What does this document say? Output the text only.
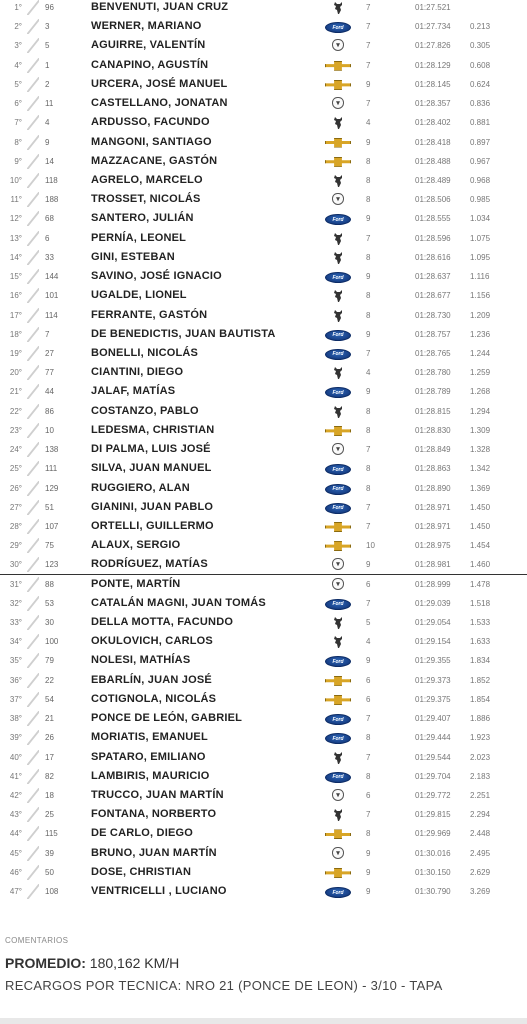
1°	96	BENVENUTI, JUAN CRUZ	7	01:27.521
2°	3	WERNER, MARIANO	Ford	7	01:27.734 0.213
3°	5	AGUIRRE, VALENTÍN	▾	7	01:27.826 0.305
4°	1	CANAPINO, AGUSTÍN	7	01:28.129 0.608
5°	2	URCERA, JOSÉ MANUEL	9	01:28.145 0.624
6°	11	CASTELLANO, JONATAN	▾	7	01:28.357 0.836
7°	4	ARDUSSO, FACUNDO	4	01:28.402 0.881
8°	9	MANGONI, SANTIAGO	9	01:28.418 0.897
9°	14	MAZZACANE, GASTÓN	8	01:28.488 0.967
10°	118	AGRELO, MARCELO	8	01:28.489 0.968
11°	188	TROSSET, NICOLÁS	▾	8	01:28.506 0.985
12°	68	SANTERO, JULIÁN	Ford	9	01:28.555 1.034
13°	6	PERNÍA, LEONEL	7	01:28.596 1.075
14°	33	GINI, ESTEBAN	8	01:28.616 1.095
15°	144	SAVINO, JOSÉ IGNACIO	Ford	9	01:28.637 1.116
16°	101	UGALDE, LIONEL	8	01:28.677 1.156
17°	114	FERRANTE, GASTÓN	8	01:28.730 1.209
18°	7	DE BENEDICTIS, JUAN BAUTISTA	Ford	9	01:28.757 1.236
19°	27	BONELLI, NICOLÁS	Ford	7	01:28.765 1.244
20°	77	CIANTINI, DIEGO	4	01:28.780 1.259
21°	44	JALAF, MATÍAS	Ford	9	01:28.789 1.268
22°	86	COSTANZO, PABLO	8	01:28.815 1.294
23°	10	LEDESMA, CHRISTIAN	8	01:28.830 1.309
24°	138	DI PALMA, LUIS JOSÉ	▾	7	01:28.849 1.328
25°	111	SILVA, JUAN MANUEL	Ford	8	01:28.863 1.342
26°	129	RUGGIERO, ALAN	Ford	8	01:28.890 1.369
27°	51	GIANINI, JUAN PABLO	Ford	7	01:28.971 1.450
28°	107	ORTELLI, GUILLERMO	7	01:28.971 1.450
29°	75	ALAUX, SERGIO	10	01:28.975 1.454
30°	123	RODRÍGUEZ, MATÍAS	▾	9	01:28.981 1.460
31°	88	PONTE, MARTÍN	▾	6	01:28.999 1.478
32°	53	CATALÁN MAGNI, JUAN TOMÁS	Ford	7	01:29.039 1.518
33°	30	DELLA MOTTA, FACUNDO	5	01:29.054 1.533
34°	100	OKULOVICH, CARLOS	4	01:29.154 1.633
35°	79	NOLESI, MATHÍAS	Ford	9	01:29.355 1.834
36°	22	EBARLÍN, JUAN JOSÉ	6	01:29.373 1.852
37°	54	COTIGNOLA, NICOLÁS	6	01:29.375 1.854
38°	21	PONCE DE LEÓN, GABRIEL	Ford	7	01:29.407 1.886
39°	26	MORIATIS, EMANUEL	Ford	8	01:29.444 1.923
40°	17	SPATARO, EMILIANO	7	01:29.544 2.023
41°	82	LAMBIRIS, MAURICIO	Ford	8	01:29.704 2.183
42°	18	TRUCCO, JUAN MARTÍN	▾	6	01:29.772 2.251
43°	25	FONTANA, NORBERTO	7	01:29.815 2.294
44°	115	DE CARLO, DIEGO	8	01:29.969 2.448
45°	39	BRUNO, JUAN MARTÍN	▾	9	01:30.016 2.495
46°	50	DOSE, CHRISTIAN	9	01:30.150 2.629
47°	108	VENTRICELLI , LUCIANO	Ford	9	01:30.790 3.269
COMENTARIOS
PROMEDIO: 180,162 KM/H
RECARGOS POR TECNICA: NRO 21 (PONCE DE LEON) - 3/10 - TAPA
